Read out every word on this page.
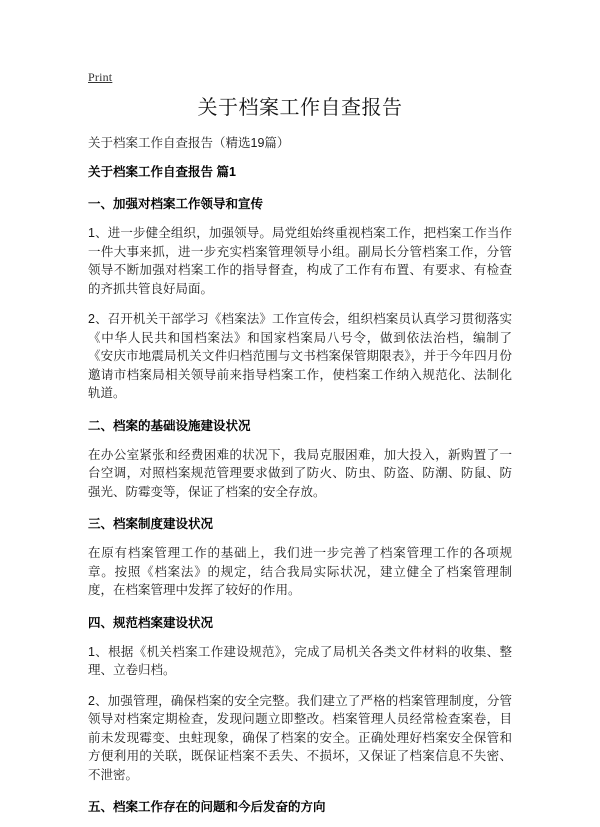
Print
关于档案工作自查报告

关于档案工作自查报告（精选19篇）

关于档案工作自查报告 篇1

一、加强对档案工作领导和宣传

1、进一步健全组织，加强领导。局党组始终重视档案工作，把档案工作当作一件大事来抓，进一步充实档案管理领导小组。副局长分管档案工作，分管领导不断加强对档案工作的指导督查，构成了工作有布置、有要求、有检查的齐抓共管良好局面。

2、召开机关干部学习《档案法》工作宣传会，组织档案员认真学习贯彻落实《中华人民共和国档案法》和国家档案局八号令，做到依法治档，编制了《安庆市地震局机关文件归档范围与文书档案保管期限表》，并于今年四月份邀请市档案局相关领导前来指导档案工作，使档案工作纳入规范化、法制化轨道。

二、档案的基础设施建设状况

在办公室紧张和经费困难的状况下，我局克服困难，加大投入，新购置了一台空调，对照档案规范管理要求做到了防火、防虫、防盗、防潮、防鼠、防强光、防霉变等，保证了档案的安全存放。

三、档案制度建设状况

在原有档案管理工作的基础上，我们进一步完善了档案管理工作的各项规章。按照《档案法》的规定，结合我局实际状况，建立健全了档案管理制度，在档案管理中发挥了较好的作用。

四、规范档案建设状况

1、根据《机关档案工作建设规范》，完成了局机关各类文件材料的收集、整理、立卷归档。

2、加强管理，确保档案的安全完整。我们建立了严格的档案管理制度，分管领导对档案定期检查，发现问题立即整改。档案管理人员经常检查案卷，目前未发现霉变、虫蛀现象，确保了档案的安全。正确处理好档案安全保管和方便利用的关联，既保证档案不丢失、不损坏，又保证了档案信息不失密、不泄密。

五、档案工作存在的问题和今后发奋的方向
